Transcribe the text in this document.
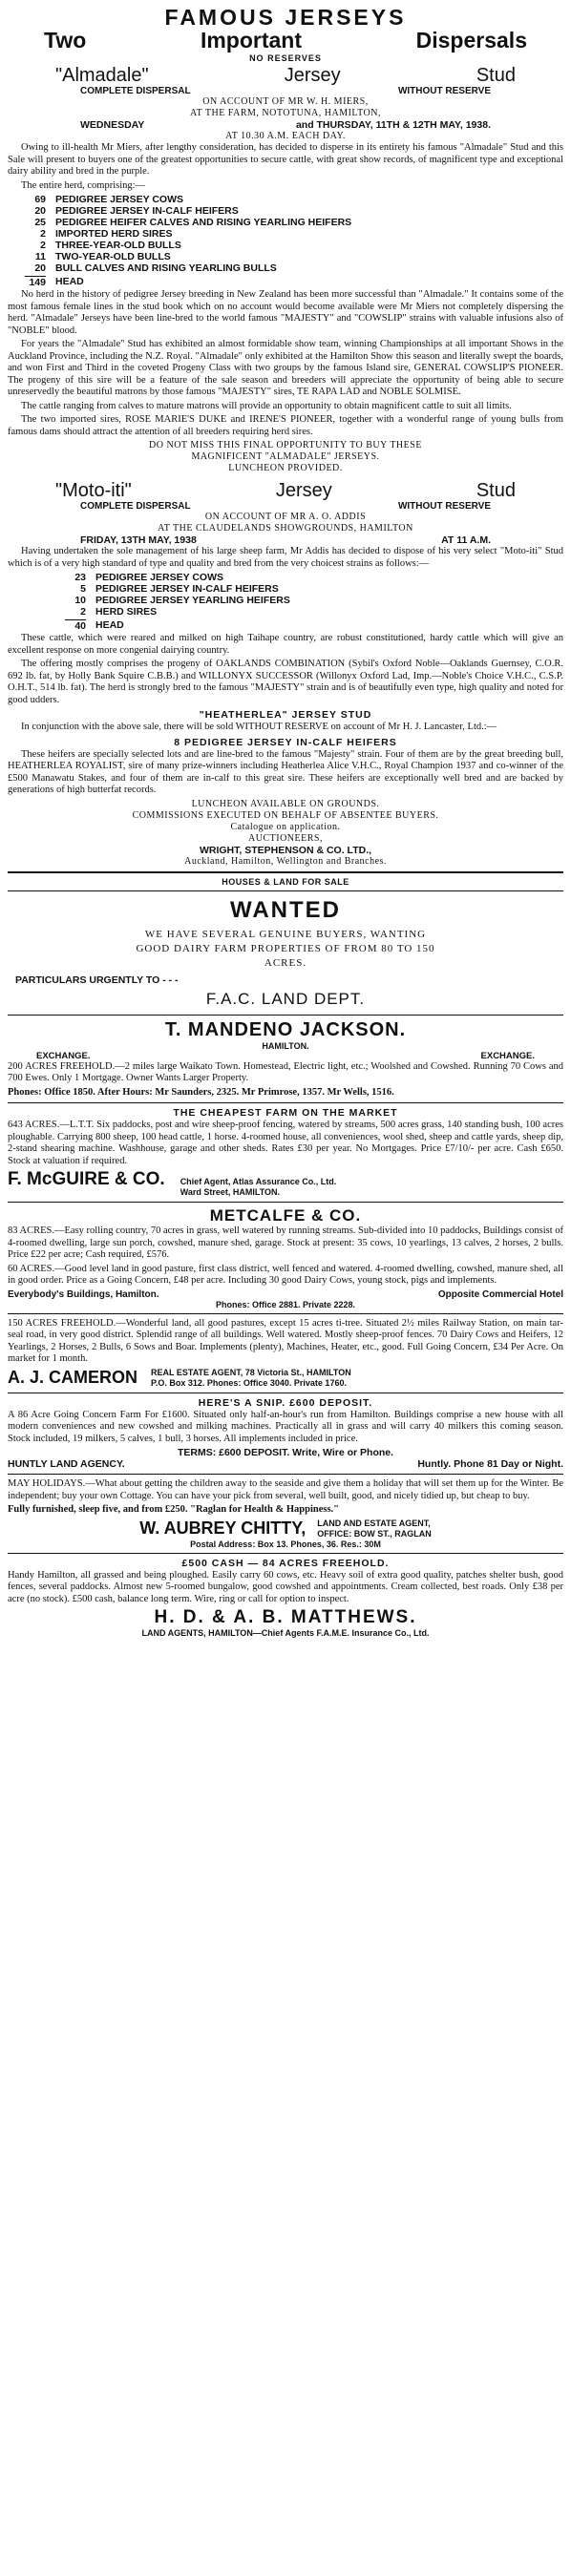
FAMOUS JERSEYS
Two	Important	Dispersals
NO RESERVES
"Almadale"	Jersey	Stud
COMPLETE DISPERSAL	WITHOUT RESERVE
ON ACCOUNT OF MR W. H. MIERS,
AT THE FARM, NOTOTUNA, HAMILTON,
WEDNESDAY	and THURSDAY, 11TH & 12TH MAY, 1938.
AT 10.30 A.M. EACH DAY.

Owing to ill-health Mr Miers, after lengthy consideration, has decided to disperse in its entirety his famous "Almadale" Stud and this Sale will present to buyers one of the greatest opportunities to secure cattle, with great show records, of magnificent type and exceptional dairy ability and bred in the purple.

The entire herd, comprising:—

69 PEDIGREE JERSEY COWS
20 PEDIGREE JERSEY IN-CALF HEIFERS
25 PEDIGREE HEIFER CALVES AND RISING YEARLING HEIFERS
2 IMPORTED HERD SIRES
2 THREE-YEAR-OLD BULLS
11 TWO-YEAR-OLD BULLS
20 BULL CALVES AND RISING YEARLING BULLS
149 HEAD

No herd in the history of pedigree Jersey breeding in New Zealand has been more successful than "Almadale." It contains some of the most famous female lines in the stud book which on no account would become available were Mr Miers not completely dispersing the herd. "Almadale" Jerseys have been line-bred to the world famous "MAJESTY" and "COWSLIP" strains with valuable infusions also of "NOBLE" blood.

For years the "Almadale" Stud has exhibited an almost formidable show team, winning Championships at all important Shows in the Auckland Province, including the N.Z. Royal. "Almadale" only exhibited at the Hamilton Show this season and literally swept the boards, and won First and Third in the coveted Progeny Class with two groups by the famous Island sire, GENERAL COWSLIP'S PIONEER. The progeny of this sire will be a feature of the sale season and breeders will appreciate the opportunity of being able to secure unreservedly the beautiful matrons by those famous "MAJESTY" sires, TE RAPA LAD and NOBLE SOLMISE.

The cattle ranging from calves to mature matrons will provide an opportunity to obtain magnificent cattle to suit all limits.

The two imported sires, ROSE MARIE'S DUKE and IRENE'S PIONEER, together with a wonderful range of young bulls from famous dams should attract the attention of all breeders requiring herd sires.

DO NOT MISS THIS FINAL OPPORTUNITY TO BUY THESE
MAGNIFICENT "ALMADALE" JERSEYS.
LUNCHEON PROVIDED.
"Moto-iti"	Jersey	Stud
COMPLETE DISPERSAL	WITHOUT RESERVE
ON ACCOUNT OF MR A. O. ADDIS
AT THE CLAUDELANDS SHOWGROUNDS, HAMILTON
FRIDAY, 13TH MAY, 1938	AT 11 A.M.

Having undertaken the sole management of his large sheep farm, Mr Addis has decided to dispose of his very select "Moto-iti" Stud which is of a very high standard of type and quality and bred from the very choicest strains as follows:—

23 PEDIGREE JERSEY COWS
5 PEDIGREE JERSEY IN-CALF HEIFERS
10 PEDIGREE JERSEY YEARLING HEIFERS
2 HERD SIRES
40 HEAD

These cattle, which were reared and milked on high Taihape country, are robust constitutioned, hardy cattle which will give an excellent response on more congenial dairying country.

The offering mostly comprises the progeny of OAKLANDS COMBINATION (Sybil's Oxford Noble—Oaklands Guernsey, C.O.R. 692 lb. fat, by Holly Bank Squire C.B.B.) and WILLONYX SUCCESSOR (Willonyx Oxford Lad, Imp.—Noble's Choice V.H.C., C.S.P. O.H.T., 514 lb. fat). The herd is strongly bred to the famous "MAJESTY" strain and is of beautifully even type, high quality and noted for good udders.

"HEATHERLEA" JERSEY STUD

In conjunction with the above sale, there will be sold WITHOUT RESERVE on account of Mr H. J. Lancaster, Ltd.:—

8 PEDIGREE JERSEY IN-CALF HEIFERS

These heifers are specially selected lots and are line-bred to the famous "Majesty" strain. Four of them are by the great breeding bull, HEATHERLEA ROYALIST, sire of many prize-winners including Heatherlea Alice V.H.C., Royal Champion 1937 and co-winner of the £500 Manawatu Stakes, and four of them are in-calf to this great sire. These heifers are exceptionally well bred and are backed by generations of high butterfat records.

LUNCHEON AVAILABLE ON GROUNDS.
COMMISSIONS EXECUTED ON BEHALF OF ABSENTEE BUYERS.
Catalogue on application.
AUCTIONEERS,
WRIGHT, STEPHENSON & CO. LTD.,
Auckland, Hamilton, Wellington and Branches.
HOUSES & LAND FOR SALE
WANTED
WE HAVE SEVERAL GENUINE BUYERS, WANTING
GOOD DAIRY FARM PROPERTIES OF FROM 80 TO 150
ACRES.
PARTICULARS URGENTLY TO - - -
F.A.C. LAND DEPT.
T. MANDENO JACKSON.
HAMILTON.
EXCHANGE.	EXCHANGE.

200 ACRES FREEHOLD.—2 miles large Waikato Town. Homestead, Electric light, etc.; Woolshed and Cowshed. Running 70 Cows and 700 Ewes. Only 1 Mortgage. Owner Wants Larger Property.

Phones: Office 1850. After Hours: Mr Saunders, 2325. Mr Primrose, 1357. Mr Wells, 1516.

THE CHEAPEST FARM ON THE MARKET

643 ACRES.—L.T.T. Six paddocks, post and wire sheep-proof fencing, watered by streams, 500 acres grass, 140 standing bush, 100 acres ploughable. Carrying 800 sheep, 100 head cattle, 1 horse. 4-roomed house, all conveniences, wool shed, sheep and cattle yards, sheep dip, 2-stand shearing machine. Washhouse, garage and other sheds. Rates £30 per year. No Mortgages. Price £7/10/- per acre. Cash £650. Stock at valuation if required.

F. McGUIRE & CO. Chief Agent, Atlas Assurance Co., Ltd.
Ward Street, HAMILTON.
METCALFE & CO.

83 ACRES.—Easy rolling country, 70 acres in grass, well watered by running streams. Sub-divided into 10 paddocks, Buildings consist of 4-roomed dwelling, large sun porch, cowshed, manure shed, garage. Stock at present: 35 cows, 10 yearlings, 13 calves, 2 horses, 2 bulls. Price £22 per acre; Cash required, £576.

60 ACRES.—Good level land in good pasture, first class district, well fenced and watered. 4-roomed dwelling, cowshed, manure shed, all in good order. Price as a Going Concern, £48 per acre. Including 30 good Dairy Cows, young stock, pigs and implements.

Everybody's Buildings, Hamilton.	Opposite Commercial Hotel
Phones: Office 2881. Private 2228.

150 ACRES FREEHOLD.—Wonderful land, all good pastures, except 15 acres ti-tree. Situated 2½ miles Railway Station, on main tar-seal road, in very good district. Splendid range of all buildings. Well watered. Mostly sheep-proof fences. 70 Dairy Cows and Heifers, 12 Yearlings, 2 Horses, 2 Bulls, 6 Sows and Boar. Implements (plenty), Machines, Heater, etc., good. Full Going Concern, £34 Per Acre. On market for 1 month.

A. J. CAMERON REAL ESTATE AGENT, 78 Victoria St., HAMILTON
P.O. Box 312. Phones: Office 3040. Private 1760.
HERE'S A SNIP. £600 DEPOSIT.

A 86 Acre Going Concern Farm For £1600. Situated only half-an-hour's run from Hamilton. Buildings comprise a new house with all modern conveniences and new cowshed and milking machines. Practically all in grass and will carry 40 milkers this coming season. Stock included, 19 milkers, 5 calves, 1 bull, 3 horses. All implements included in price.

TERMS: £600 DEPOSIT. Write, Wire or Phone.
HUNTLY LAND AGENCY.	Huntly. Phone 81 Day or Night.

MAY HOLIDAYS.—What about getting the children away to the seaside and give them a holiday that will set them up for the Winter. Be independent; buy your own Cottage. You can have your pick from several, well built, good, and nicely tidied up, but cheap to buy.

Fully furnished, sleep five, and from £250. "Raglan for Health & Happiness."

W. AUBREY CHITTY, LAND AND ESTATE AGENT,
OFFICE: BOW ST., RAGLAN
Postal Address: Box 13. Phones, 36. Res.: 30M
£500 CASH — 84 ACRES FREEHOLD.

Handy Hamilton, all grassed and being ploughed. Easily carry 60 cows, etc. Heavy soil of extra good quality, patches shelter bush, good fences, several paddocks. Almost new 5-roomed bungalow, good cowshed and appointments. Cream collected, best roads. Only £38 per acre (no stock). £500 cash, balance long term. Wire, ring or call for option to inspect.

H. D. & A. B. MATTHEWS.
LAND AGENTS, HAMILTON—Chief Agents F.A.M.E. Insurance Co., Ltd.
